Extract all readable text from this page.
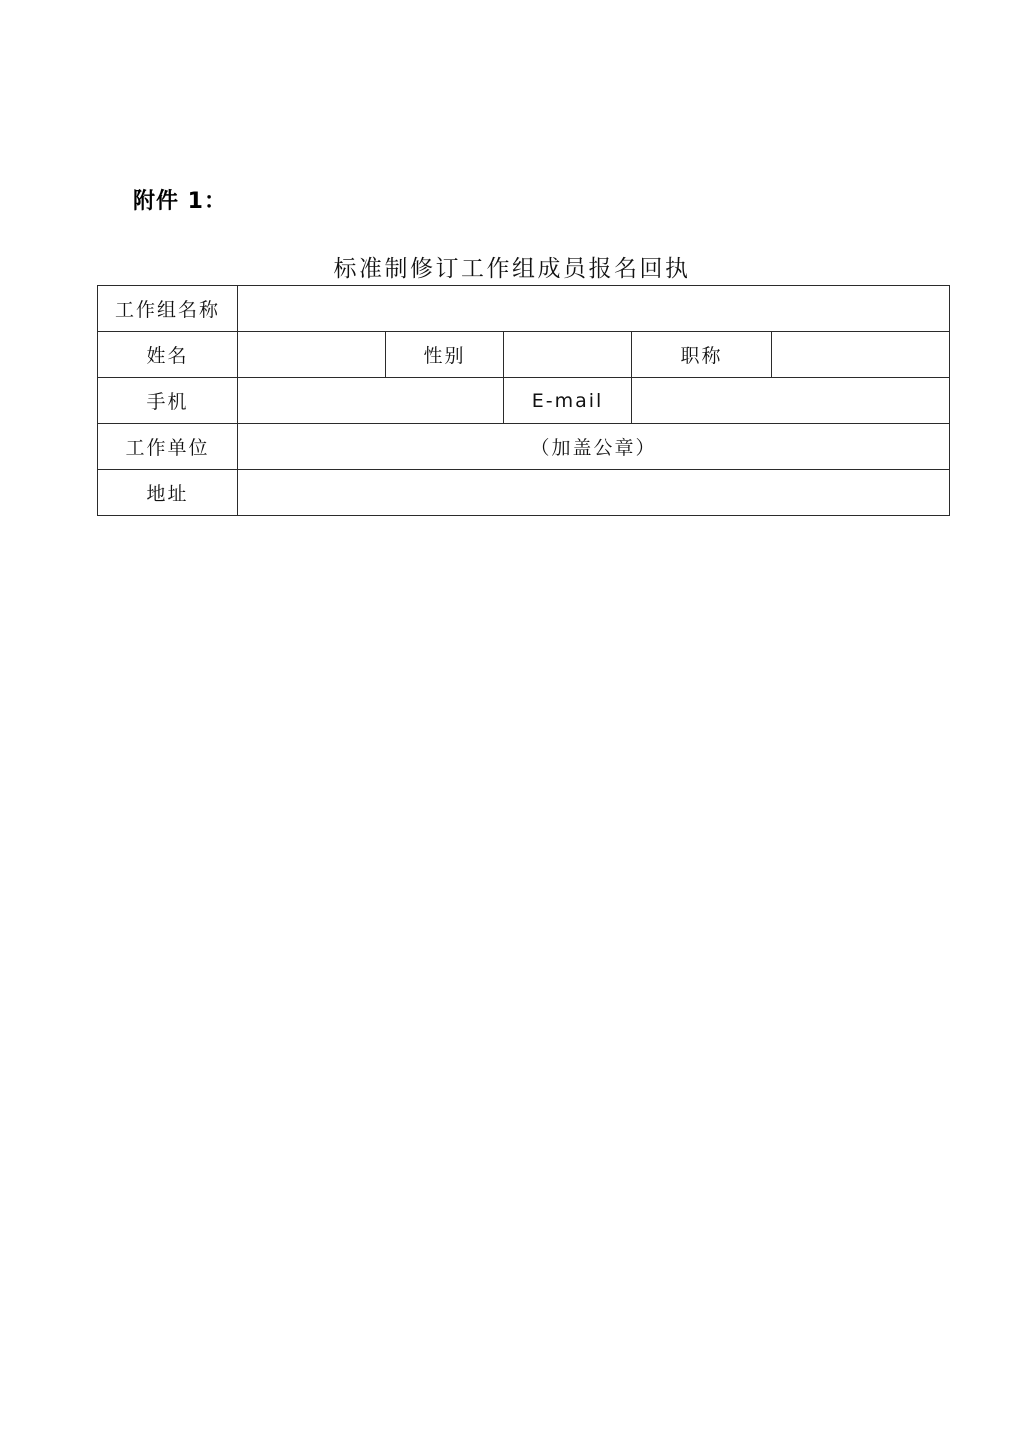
附件 1：
标准制修订工作组成员报名回执
工作组名称					
姓名		性别		职称	
手机			E-mail		
工作单位	（加盖公章）				
地址					
